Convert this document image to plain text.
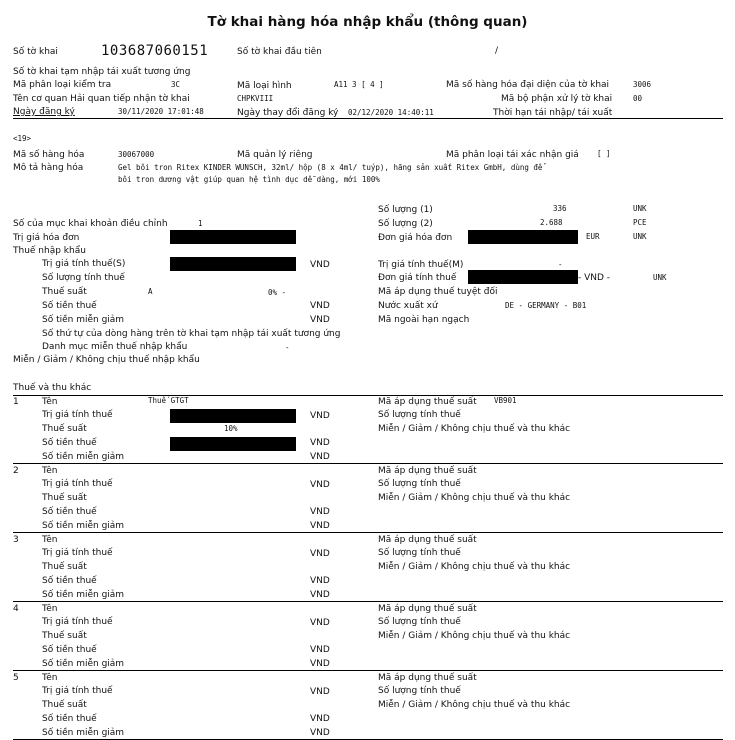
Tờ khai hàng hóa nhập khẩu (thông quan)
Số tờ khai	103687060151	Số tờ khai đầu tiên	/
Số tờ khai tạm nhập tái xuất tương ứng
Mã phân loại kiểm tra	3C	Mã loại hình	A11 3 [ 4 ]	Mã số hàng hóa đại diện của tờ khai	3006
Tên cơ quan Hải quan tiếp nhận tờ khai	CHPKVIII	Mã bộ phận xử lý tờ khai	00
Ngày đăng ký	30/11/2020 17:01:48	Ngày thay đổi đăng ký 02/12/2020 14:40:11	Thời hạn tái nhập/ tái xuất
<19>
Mã số hàng hóa	30067000	Mã quản lý riêng	Mã phân loại tái xác nhận giá [ ]
Mô tả hàng hóa	Gel bôi tron Ritex KINDER WUNSCH, 32ml/ hộp (8 x 4ml/ tuýp), hãng sản xuất Ritex GmbH, dùng để
bôi tron dương vật giúp quan hệ tình dục dễ dàng, mới 100%
Số lượng (1)	336	UNK
Số của mục khai khoản điều chỉnh	1	Số lượng (2)	2.688	PCE
Trị giá hóa đơn	Đơn giá hóa đơn	EUR	UNK
Thuế nhập khẩu
Trị giá tính thuế(S)	VND	Trị giá tính thuế(M)	-
Số lượng tính thuế	Đơn giá tính thuế	- VND -	UNK
Thuế suất	A	0% -	Mã áp dụng thuế tuyệt đối
Số tiền thuế	VND	Nước xuất xứ	DE - GERMANY - B01
Số tiền miễn giảm	VND	Mã ngoài hạn ngạch
Số thứ tự của dòng hàng trên tờ khai tạm nhập tái xuất tương ứng
Danh mục miễn thuế nhập khẩu	-
Miễn / Giảm / Không chịu thuế nhập khẩu
Thuế và thu khác
1	Tên	Thuế GTGT	Mã áp dụng thuế suất VB901
Trị giá tính thuế	VND	Số lượng tính thuế
Thuế suất	10%	Miễn / Giảm / Không chịu thuế và thu khác
Số tiền thuế	VND
Số tiền miễn giảm	VND
2	Tên	Mã áp dụng thuế suất
Trị giá tính thuế	VND	Số lượng tính thuế
Thuế suất	Miễn / Giảm / Không chịu thuế và thu khác
Số tiền thuế	VND
Số tiền miễn giảm	VND
3	Tên	Mã áp dụng thuế suất
Trị giá tính thuế	VND	Số lượng tính thuế
Thuế suất	Miễn / Giảm / Không chịu thuế và thu khác
Số tiền thuế	VND
Số tiền miễn giảm	VND
4	Tên	Mã áp dụng thuế suất
Trị giá tính thuế	VND	Số lượng tính thuế
Thuế suất	Miễn / Giảm / Không chịu thuế và thu khác
Số tiền thuế	VND
Số tiền miễn giảm	VND
5	Tên	Mã áp dụng thuế suất
Trị giá tính thuế	VND	Số lượng tính thuế
Thuế suất	Miễn / Giảm / Không chịu thuế và thu khác
Số tiền thuế	VND
Số tiền miễn giảm	VND
